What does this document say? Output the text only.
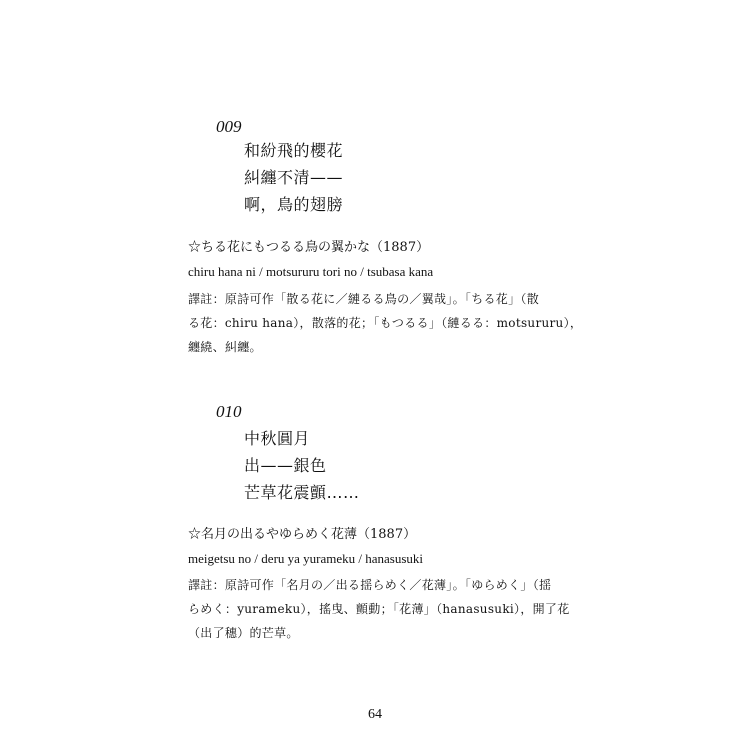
009
和紛飛的櫻花
糾纏不清——
啊，鳥的翅膀
☆ちる花にもつるる鳥の翼かな（1887）
chiru hana ni / motsururu tori no / tsubasa kana
譯註：原詩可作「散る花に／縺るる鳥の／翼哉」。「ちる花」（散
る花：chiru hana），散落的花；「もつるる」（縺るる：motsururu），
纏繞、糾纏。
010
中秋圓月
出——銀色
芒草花震顫……
☆名月の出るやゆらめく花薄（1887）
meigetsu no / deru ya yurameku / hanasusuki
譯註：原詩可作「名月の／出る揺らめく／花薄」。「ゆらめく」（揺
らめく：yurameku），搖曳、顫動；「花薄」（hanasusuki），開了花
（出了穗）的芒草。
64
